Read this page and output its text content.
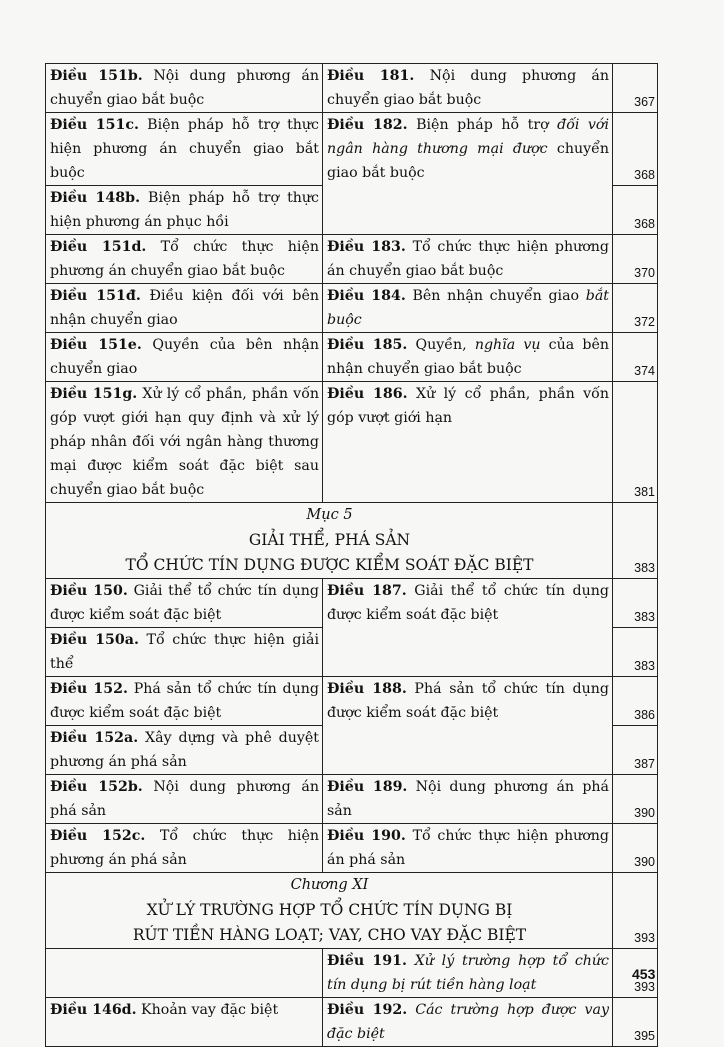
Điều 151b. Nội dung phương án chuyển giao bắt buộc	Điều 181. Nội dung phương án chuyển giao bắt buộc	367
Điều 151c. Biện pháp hỗ trợ thực hiện phương án chuyển giao bắt buộc	Điều 182. Biện pháp hỗ trợ đối với ngân hàng thương mại được chuyển giao bắt buộc	368
Điều 148b. Biện pháp hỗ trợ thực hiện phương án phục hồi		368
Điều 151d. Tổ chức thực hiện phương án chuyển giao bắt buộc	Điều 183. Tổ chức thực hiện phương án chuyển giao bắt buộc	370
Điều 151đ. Điều kiện đối với bên nhận chuyển giao	Điều 184. Bên nhận chuyển giao bắt buộc	372
Điều 151e. Quyền của bên nhận chuyển giao	Điều 185. Quyền, nghĩa vụ của bên nhận chuyển giao bắt buộc	374
Điều 151g. Xử lý cổ phần, phần vốn góp vượt giới hạn quy định và xử lý pháp nhân đối với ngân hàng thương mại được kiểm soát đặc biệt sau chuyển giao bắt buộc	Điều 186. Xử lý cổ phần, phần vốn góp vượt giới hạn	381

Mục 5
GIẢI THỂ, PHÁ SẢN
TỔ CHỨC TÍN DỤNG ĐƯỢC KIỂM SOÁT ĐẶC BIỆT		383
Điều 150. Giải thể tổ chức tín dụng được kiểm soát đặc biệt	Điều 187. Giải thể tổ chức tín dụng được kiểm soát đặc biệt	383
Điều 150a. Tổ chức thực hiện giải thể		383
Điều 152. Phá sản tổ chức tín dụng được kiểm soát đặc biệt	Điều 188. Phá sản tổ chức tín dụng được kiểm soát đặc biệt	386
Điều 152a. Xây dựng và phê duyệt phương án phá sản		387
Điều 152b. Nội dung phương án phá sản	Điều 189. Nội dung phương án phá sản	390
Điều 152c. Tổ chức thực hiện phương án phá sản	Điều 190. Tổ chức thực hiện phương án phá sản	390

Chương XI
XỬ LÝ TRƯỜNG HỢP TỔ CHỨC TÍN DỤNG BỊ
RÚT TIỀN HÀNG LOẠT; VAY, CHO VAY ĐẶC BIỆT		393
	Điều 191. Xử lý trường hợp tổ chức tín dụng bị rút tiền hàng loạt	393
Điều 146d. Khoản vay đặc biệt	Điều 192. Các trường hợp được vay đặc biệt	395
453
